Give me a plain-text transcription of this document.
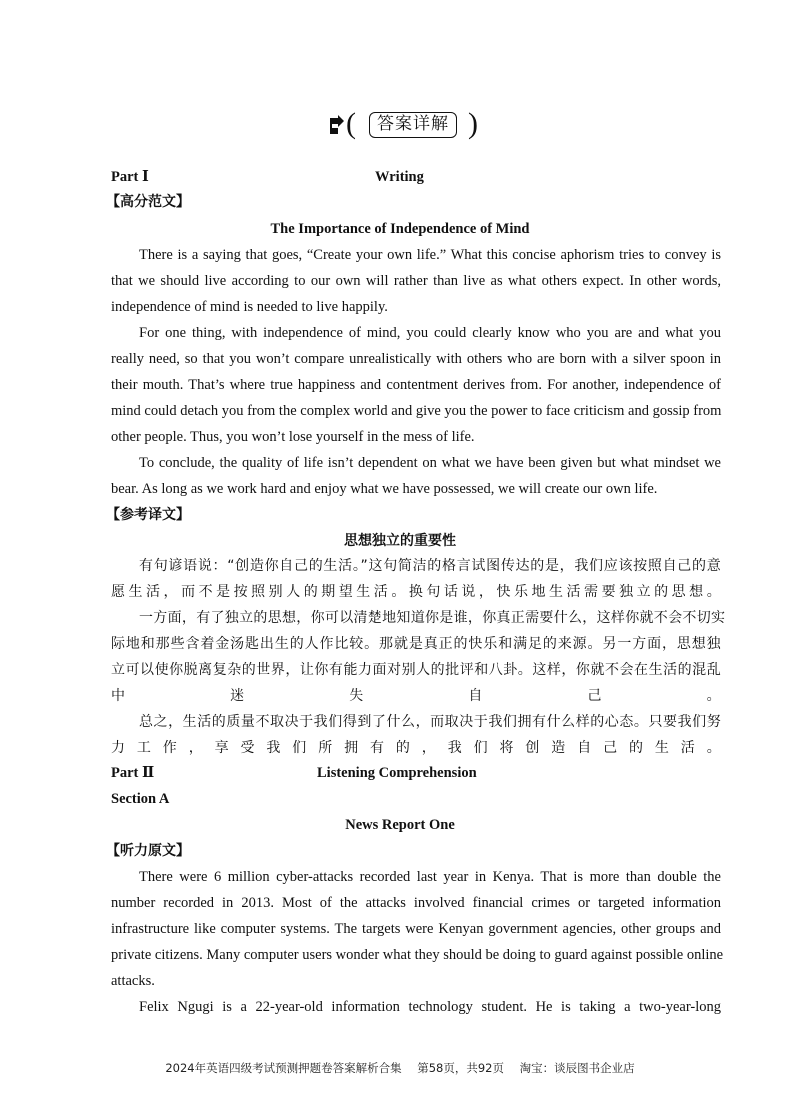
(	答案详解 )
Part Ⅰ	Writing
【高分范文】
The Importance of Independence of Mind
There is a saying that goes, “Create your own life.” What this concise aphorism tries to convey is
that we should live according to our own will rather than live as what others expect. In other words,
independence of mind is needed to live happily.
For one thing, with independence of mind, you could clearly know who you are and what you
really need, so that you won’t compare unrealistically with others who are born with a silver spoon in
their mouth. That’s where true happiness and contentment derives from. For another, independence of
mind could detach you from the complex world and give you the power to face criticism and gossip from
other people. Thus, you won’t lose yourself in the mess of life.
To conclude, the quality of life isn’t dependent on what we have been given but what mindset we
bear. As long as we work hard and enjoy what we have possessed, we will create our own life.
【参考译文】
思想独立的重要性
有句谚语说：“创造你自己的生活。”这句简洁的格言试图传达的是，我们应该按照自己的意
愿生活，而不是按照别人的期望生活。换句话说，快乐地生活需要独立的思想。
一方面，有了独立的思想，你可以清楚地知道你是谁，你真正需要什么，这样你就不会不切实
际地和那些含着金汤匙出生的人作比较。那就是真正的快乐和满足的来源。另一方面，思想独
立可以使你脱离复杂的世界，让你有能力面对别人的批评和八卦。这样，你就不会在生活的混乱
中迷失自己。
总之，生活的质量不取决于我们得到了什么，而取决于我们拥有什么样的心态。只要我们努
力工作，享受我们所拥有的，我们将创造自己的生活。
Part Ⅱ	Listening Comprehension
Section A
News Report One
【听力原文】
There were 6 million cyber-attacks recorded last year in Kenya. That is more than double the
number recorded in 2013. Most of the attacks involved financial crimes or targeted information
infrastructure like computer systems. The targets were Kenyan government agencies, other groups and
private citizens. Many computer users wonder what they should be doing to guard against possible online
attacks.
Felix Ngugi is a 22-year-old information technology student. He is taking a two-year-long
2024年英语四级考试预测押题卷答案解析合集 第58页，共92页 淘宝：谈辰图书企业店
